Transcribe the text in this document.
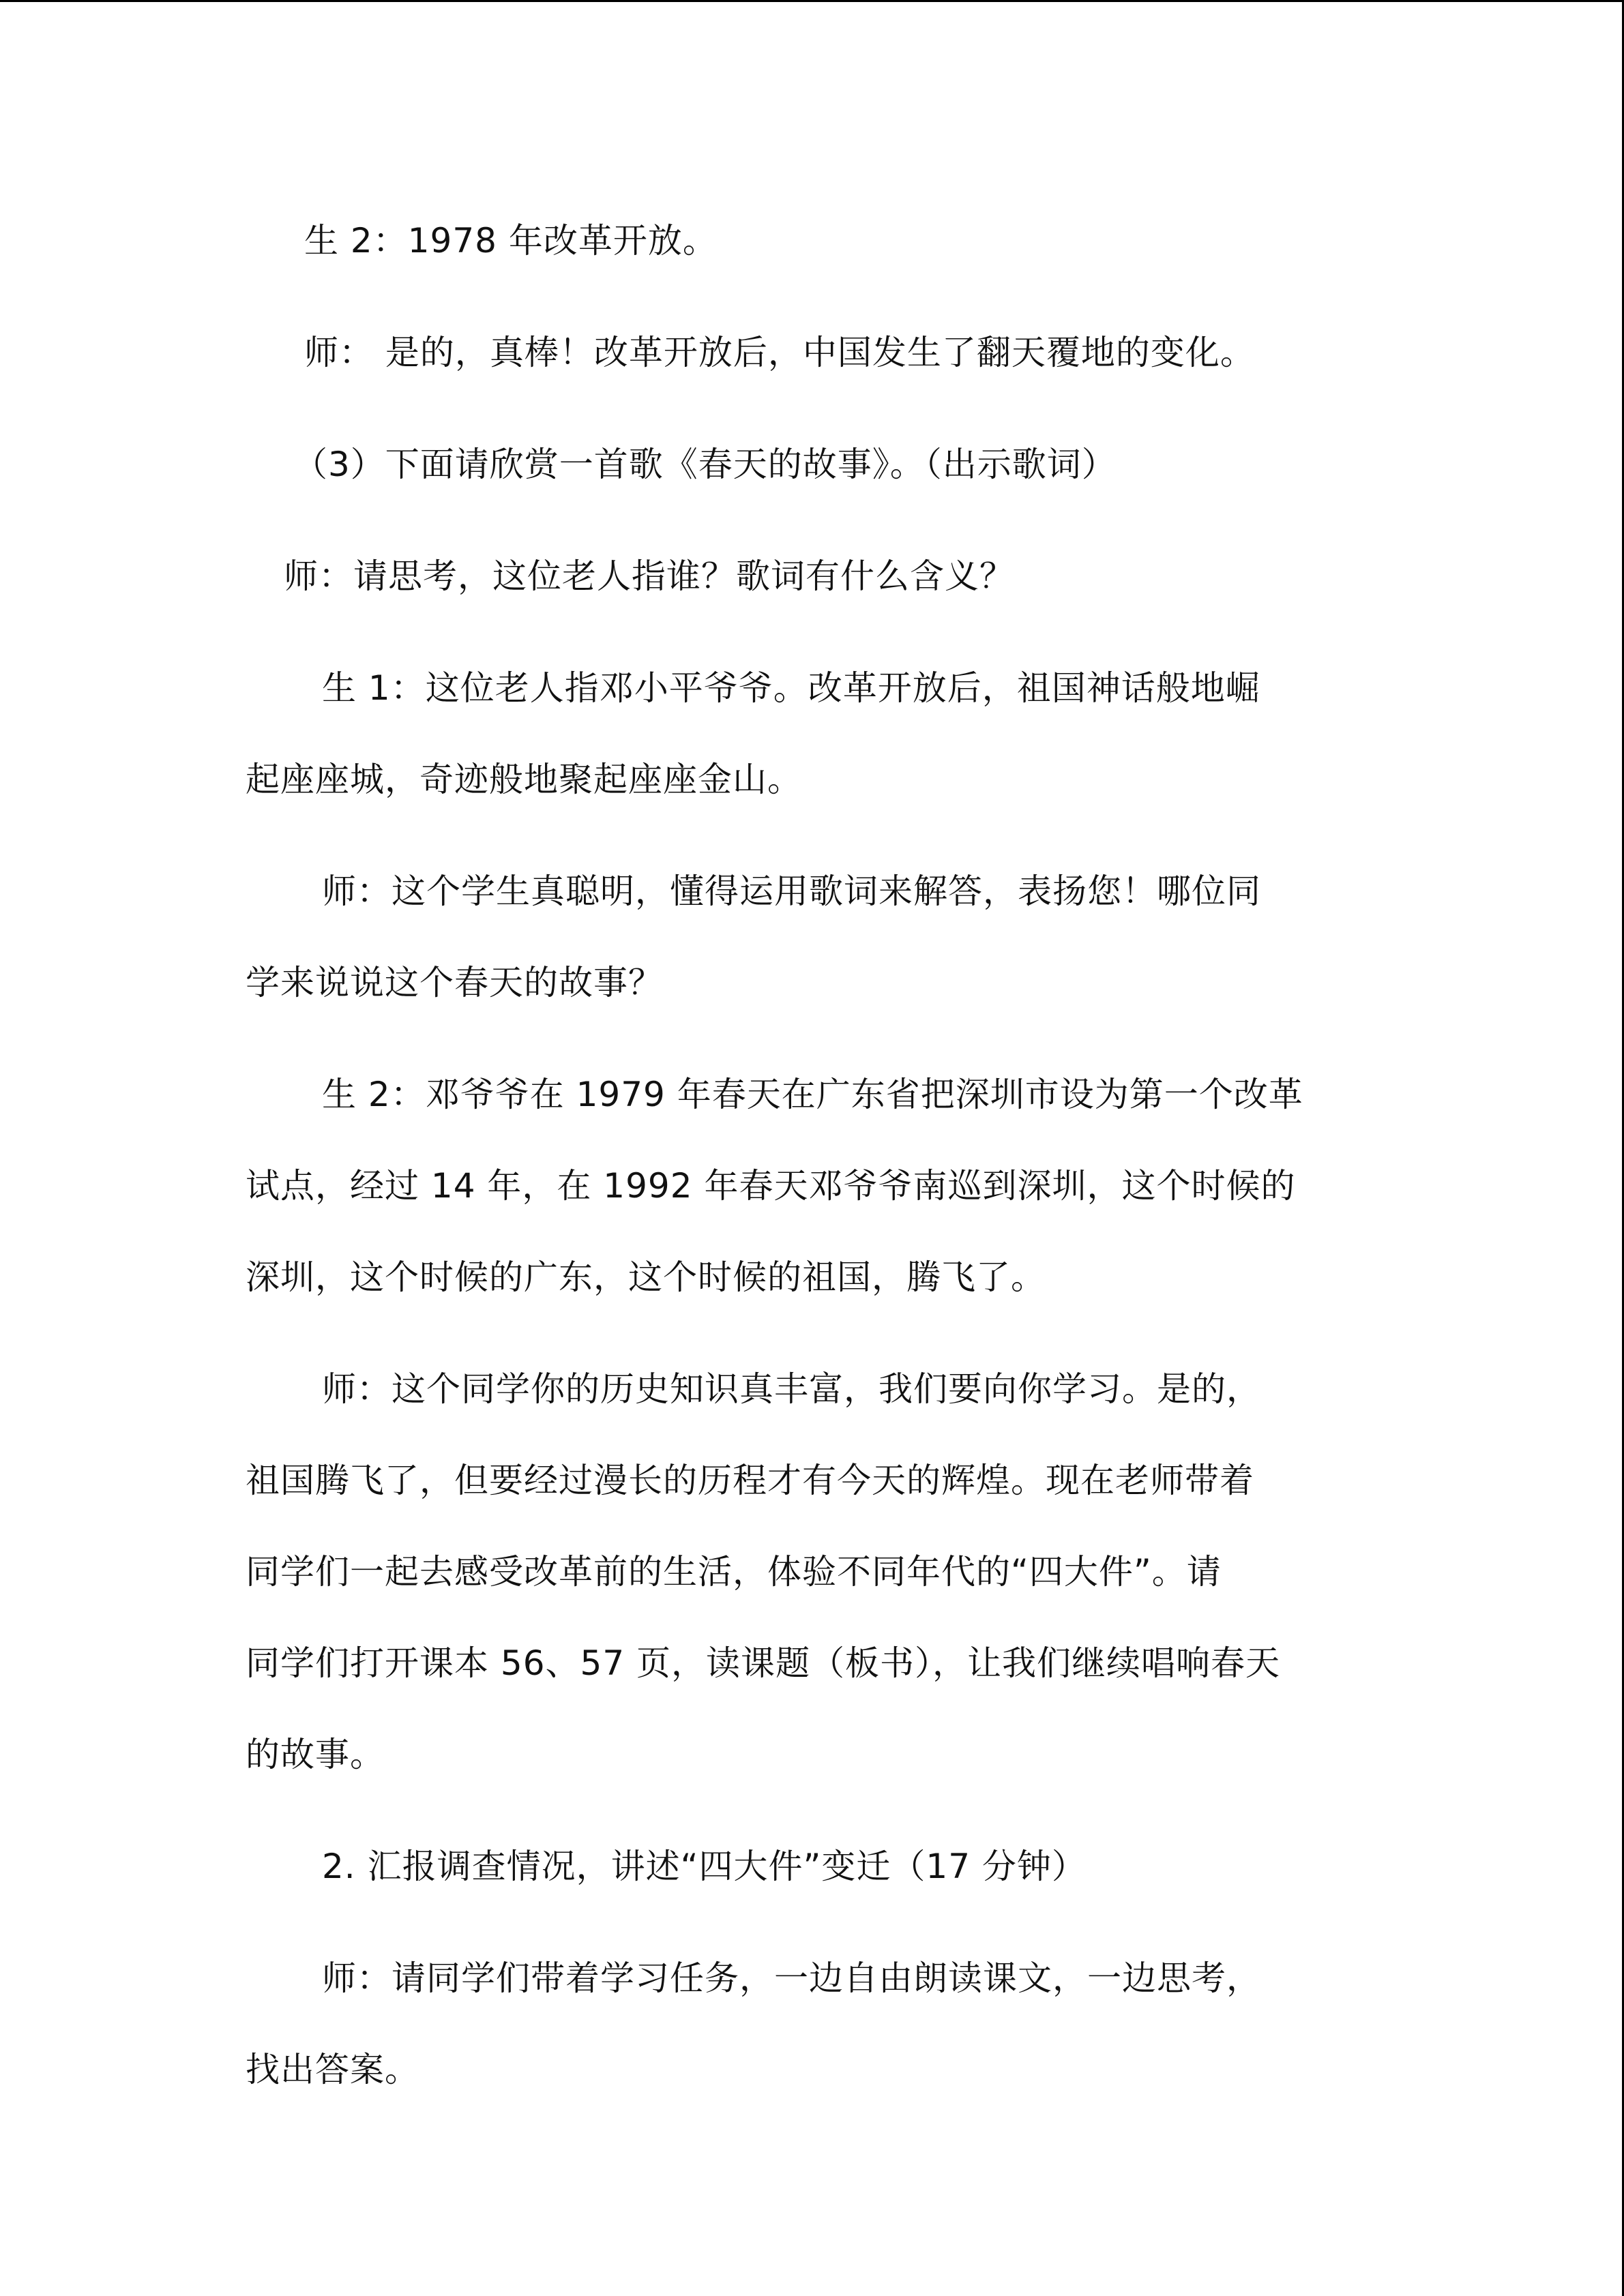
生 2：1978 年改革开放。
师： 是的，真棒！改革开放后，中国发生了翻天覆地的变化。
（3）下面请欣赏一首歌《春天的故事》。（出示歌词）
师：请思考，这位老人指谁？歌词有什么含义？
生 1：这位老人指邓小平爷爷。改革开放后，祖国神话般地崛
起座座城，奇迹般地聚起座座金山。
师：这个学生真聪明，懂得运用歌词来解答，表扬您！哪位同
学来说说这个春天的故事？
生 2：邓爷爷在 1979 年春天在广东省把深圳市设为第一个改革
试点，经过 14 年，在 1992 年春天邓爷爷南巡到深圳，这个时候的
深圳，这个时候的广东，这个时候的祖国，腾飞了。
师：这个同学你的历史知识真丰富，我们要向你学习。是的，
祖国腾飞了，但要经过漫长的历程才有今天的辉煌。现在老师带着
同学们一起去感受改革前的生活，体验不同年代的“四大件”。请
同学们打开课本 56、57 页，读课题（板书），让我们继续唱响春天
的故事。
2. 汇报调查情况，讲述“四大件”变迁（17 分钟）
师：请同学们带着学习任务，一边自由朗读课文，一边思考，
找出答案。
